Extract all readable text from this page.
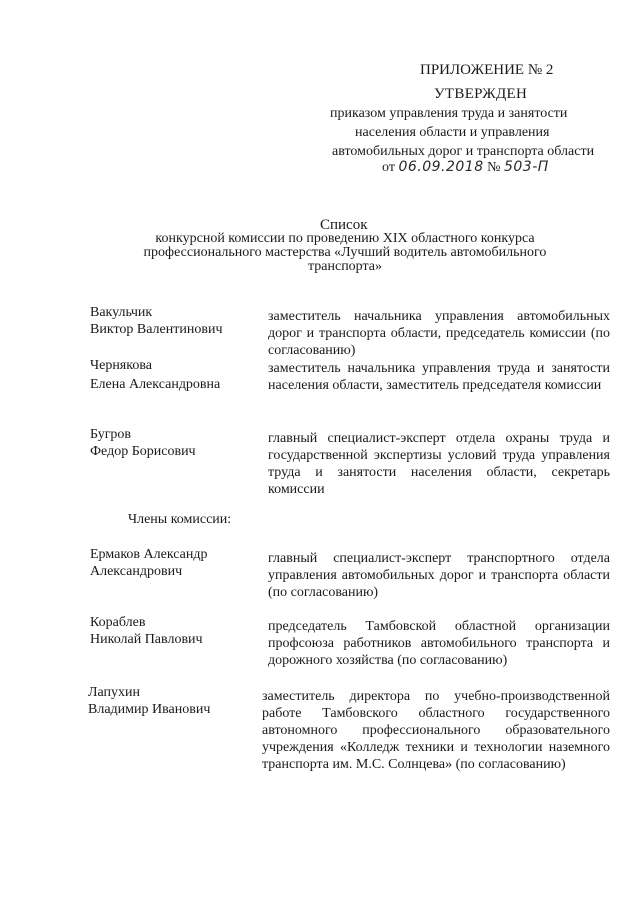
ПРИЛОЖЕНИЕ № 2
УТВЕРЖДЕН
приказом управления труда и занятости
населения области и управления
автомобильных дорог и транспорта области
от 06.09.2018 № 503-П
Список
конкурсной комиссии по проведению XIX областного конкурса
профессионального мастерства «Лучший водитель автомобильного
транспорта»
Вакульчик
Виктор Валентинович
заместитель начальника управления автомобильных дорог и транспорта области, председатель комиссии (по согласованию)
Чернякова
Елена Александровна
заместитель начальника управления труда и занятости населения области, заместитель председателя комиссии
Бугров
Федор Борисович
главный специалист-эксперт отдела охраны труда и государственной экспертизы условий труда управления труда и занятости населения области, секретарь комиссии
Члены комиссии:
Ермаков Александр
Александрович
главный специалист-эксперт транспортного отдела управления автомобильных дорог и транспорта области (по согласованию)
Кораблев
Николай Павлович
председатель Тамбовской областной организации профсоюза работников автомобильного транспорта и дорожного хозяйства (по согласованию)
Лапухин
Владимир Иванович
заместитель директора по учебно-производственной работе Тамбовского областного государственного автономного профессионального образовательного учреждения «Колледж техники и технологии наземного транспорта им. М.С. Солнцева» (по согласованию)
